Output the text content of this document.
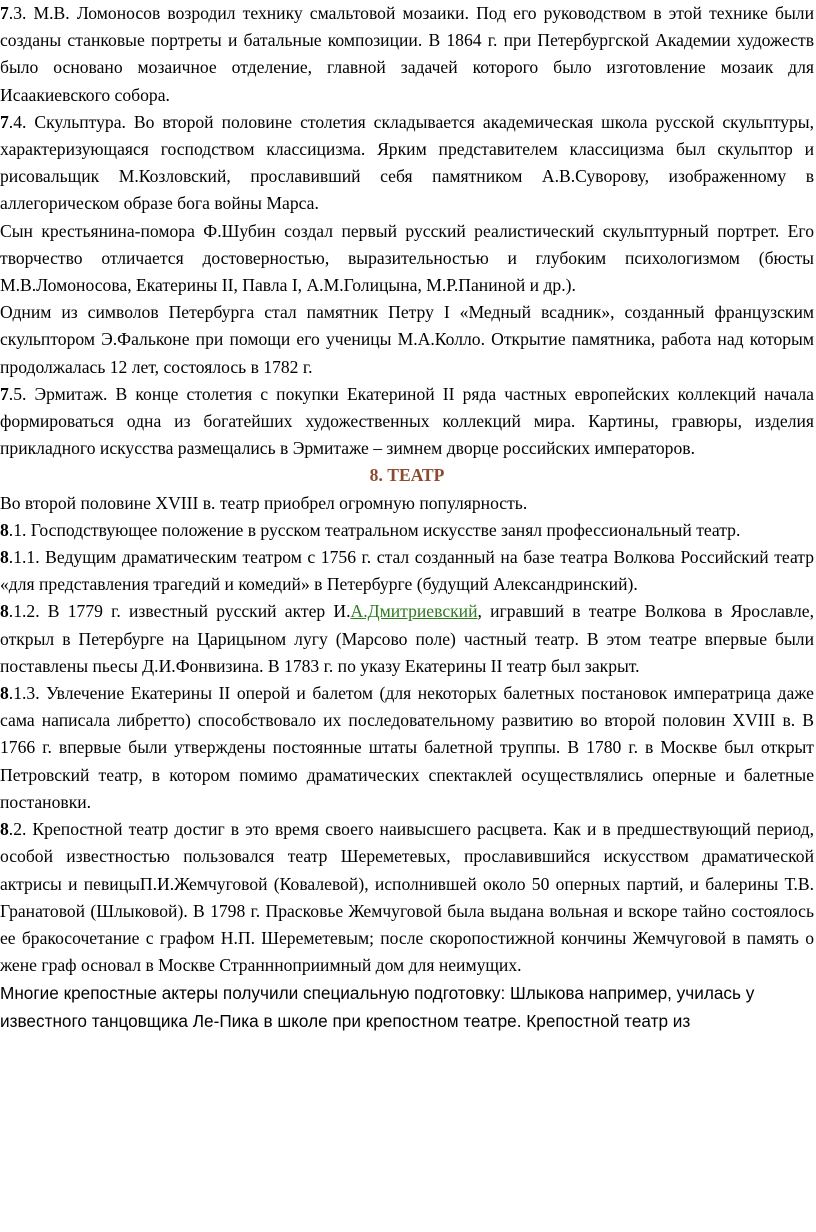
7.3. М.В. Ломоносов возродил технику смальтовой мозаики. Под его руководством в этой технике были созданы станковые портреты и батальные композиции. В 1864 г. при Петербургской Академии художеств было основано мозаичное отделение, главной задачей которого было изготовление мозаик для Исаакиевского собора.

7.4. Скульптура. Во второй половине столетия складывается академическая школа русской скульптуры, характеризующаяся господством классицизма. Ярким представителем классицизма был скульптор и рисовальщик М.Козловский, прославивший себя памятником А.В.Суворову, изображенному в аллегорическом образе бога войны Марса.

Сын крестьянина-помора Ф.Шубин создал первый русский реалистический скульптурный портрет. Его творчество отличается достоверностью, выразительностью и глубоким психологизмом (бюсты М.В.Ломоносова, Екатерины II, Павла I, А.М.Голицына, М.Р.Паниной и др.).

Одним из символов Петербурга стал памятник Петру I «Медный всадник», созданный французским скульптором Э.Фальконе при помощи его ученицы М.А.Колло. Открытие памятника, работа над которым продолжалась 12 лет, состоялось в 1782 г.

7.5. Эрмитаж. В конце столетия с покупки Екатериной II ряда частных европейских коллекций начала формироваться одна из богатейших художественных коллекций мира. Картины, гравюры, изделия прикладного искусства размещались в Эрмитаже – зимнем дворце российских императоров.

8. ТЕАТР

Во второй половине XVIII в. театр приобрел огромную популярность.

8.1. Господствующее положение в русском театральном искусстве занял профессиональный театр.

8.1.1. Ведущим драматическим театром с 1756 г. стал созданный на базе театра Волкова Российский театр «для представления трагедий и комедий» в Петербурге (будущий Александринский).

8.1.2. В 1779 г. известный русский актер И.А.Дмитриевский, игравший в театре Волкова в Ярославле, открыл в Петербурге на Царицыном лугу (Марсово поле) частный театр. В этом театре впервые были поставлены пьесы Д.И.Фонвизина. В 1783 г. по указу Екатерины II театр был закрыт.

8.1.3. Увлечение Екатерины II оперой и балетом (для некоторых балетных постановок императрица даже сама написала либретто) способствовало их последовательному развитию во второй половин XVIII в. В 1766 г. впервые были утверждены постоянные штаты балетной труппы. В 1780 г. в Москве был открыт Петровский театр, в котором помимо драматических спектаклей осуществлялись оперные и балетные постановки.

8.2. Крепостной театр достиг в это время своего наивысшего расцвета. Как и в предшествующий период, особой известностью пользовался театр Шереметевых, прославившийся искусством драматической актрисы и певицыП.И.Жемчуговой (Ковалевой), исполнившей около 50 оперных партий, и балерины Т.В. Гранатовой (Шлыковой). В 1798 г. Прасковье Жемчуговой была выдана вольная и вскоре тайно состоялось ее бракосочетание с графом Н.П. Шереметевым; после скоропостижной кончины Жемчуговой в память о жене граф основал в Москве Страннноприимный дом для неимущих.

Многие крепостные актеры получили специальную подготовку: Шлыкова например, училась у известного танцовщика Ле-Пика в школе при крепостном театре. Крепостной театр из
